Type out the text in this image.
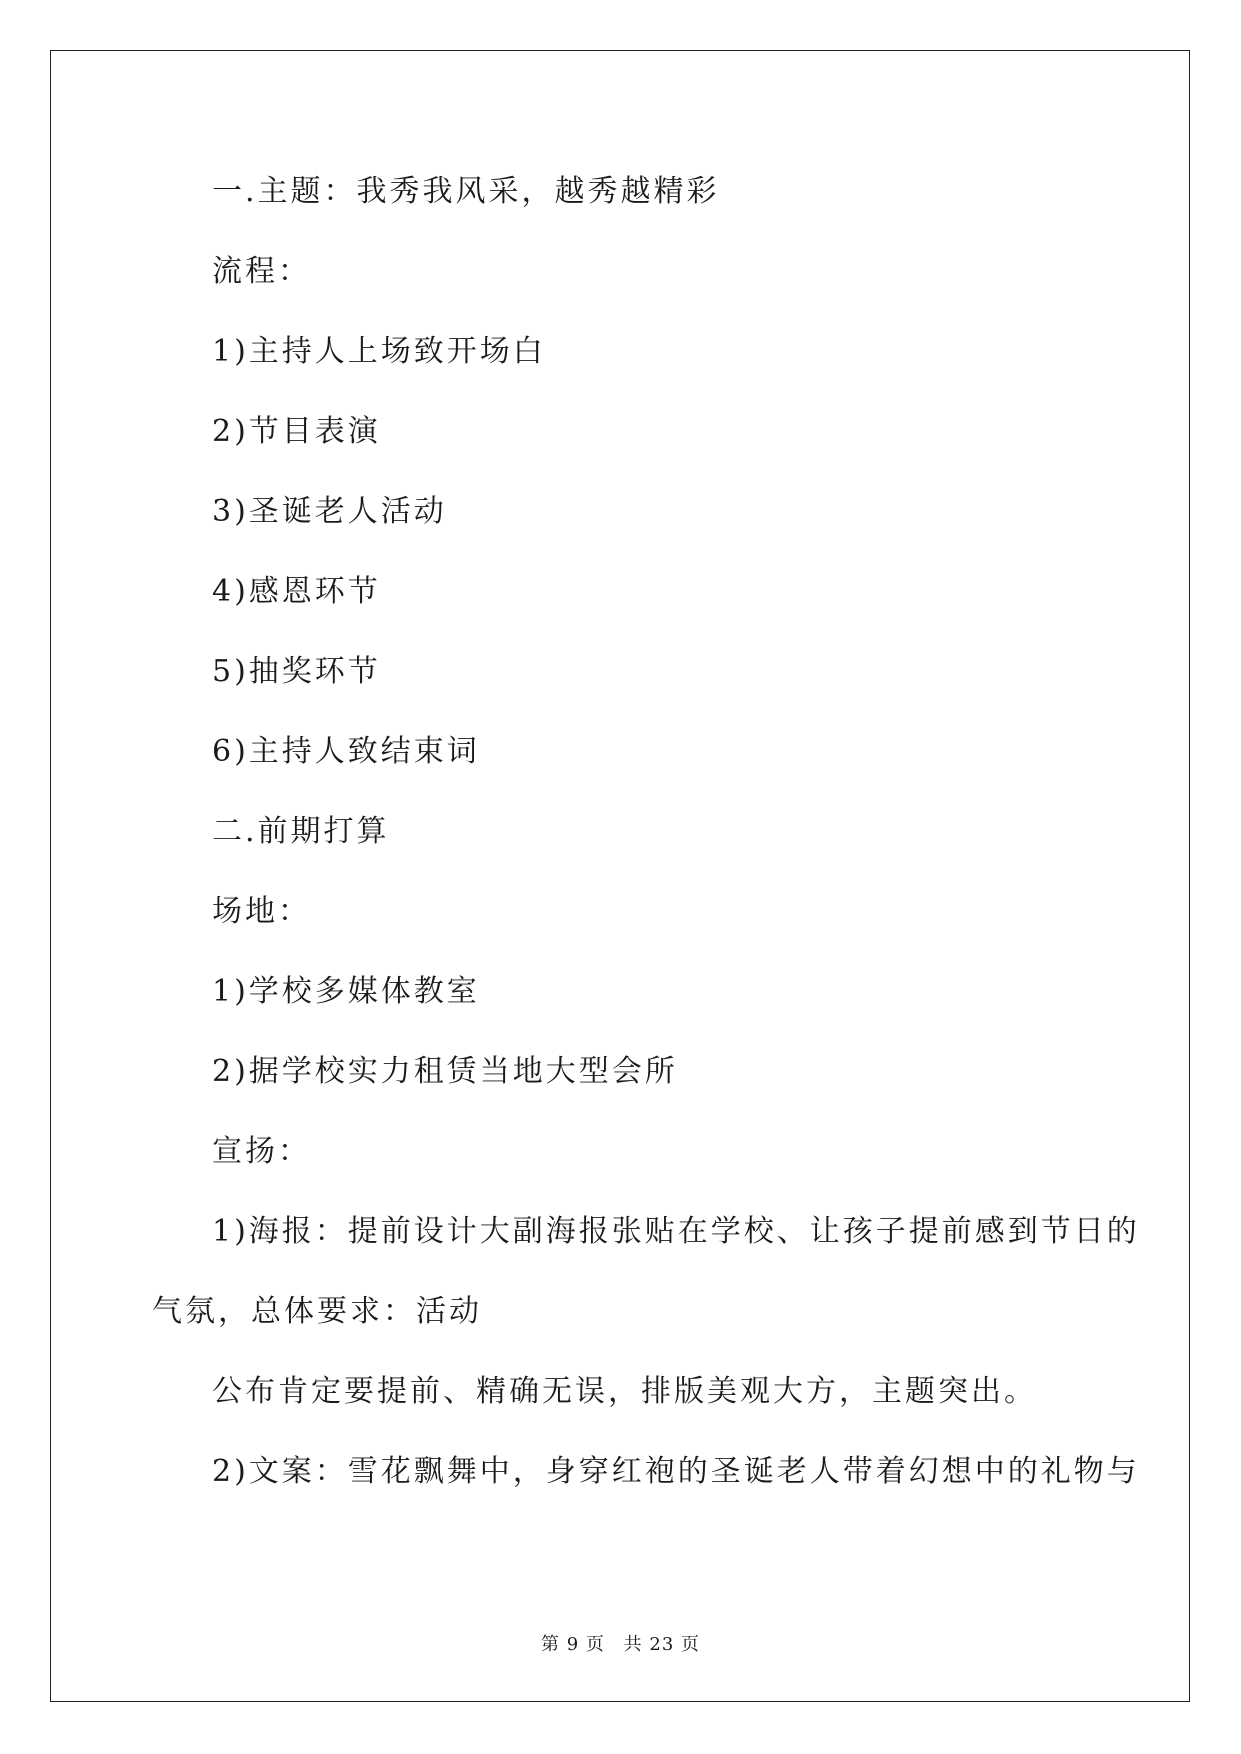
一.主题：我秀我风采，越秀越精彩
流程：
1)主持人上场致开场白
2)节目表演
3)圣诞老人活动
4)感恩环节
5)抽奖环节
6)主持人致结束词
二.前期打算
场地：
1)学校多媒体教室
2)据学校实力租赁当地大型会所
宣扬：
1)海报：提前设计大副海报张贴在学校、让孩子提前感到节日的
气氛，总体要求：活动
公布肯定要提前、精确无误，排版美观大方，主题突出。
2)文案：雪花飘舞中，身穿红袍的圣诞老人带着幻想中的礼物与
第 9 页 共 23 页
